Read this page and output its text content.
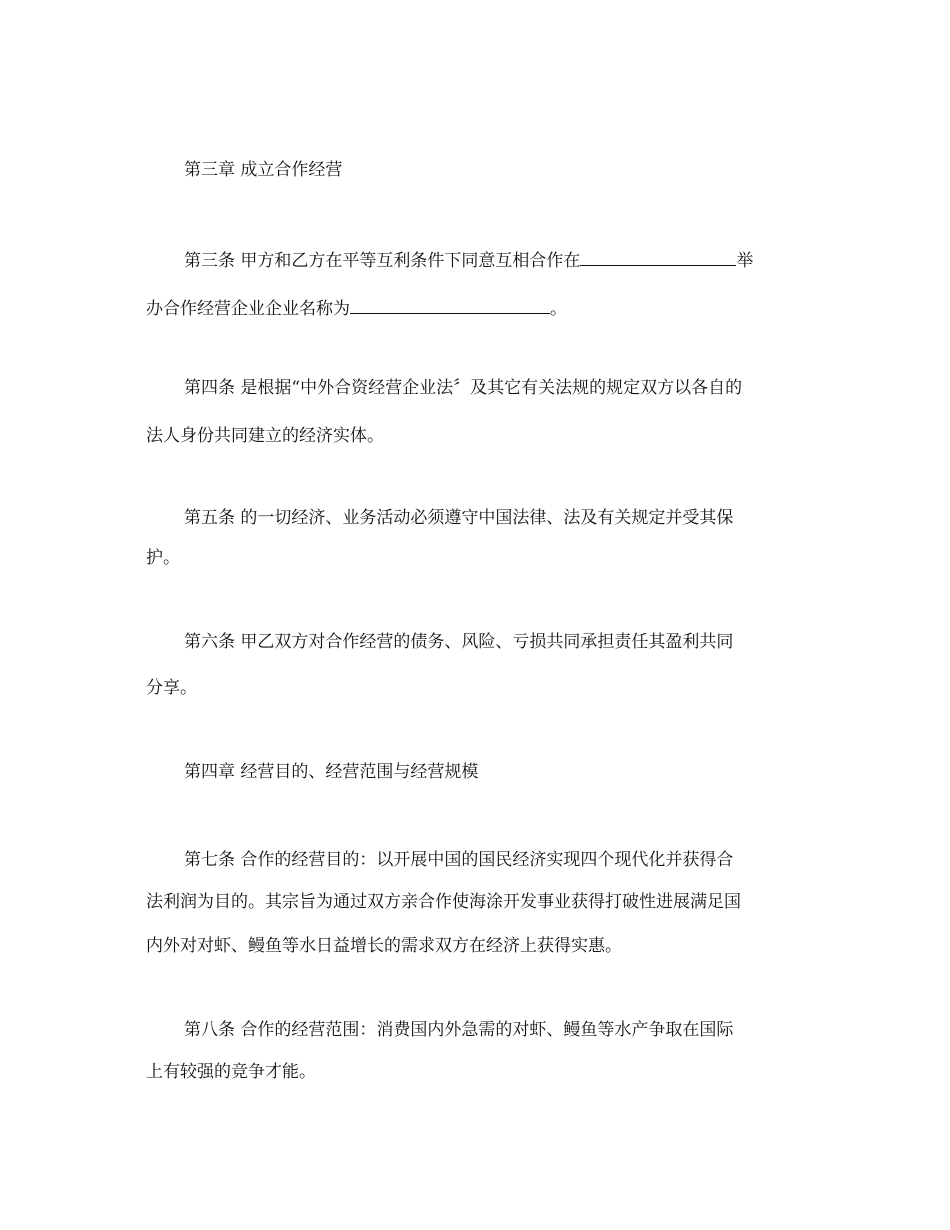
第三章 成立合作经营
第三条 甲方和乙方在平等互利条件下同意互相合作在	举
办合作经营企业企业名称为	。
第四条 是根据“中外合资经营企业法〞及其它有关法规的规定双方以各自的
法人身份共同建立的经济实体。
第五条 的一切经济、业务活动必须遵守中国法律、法及有关规定并受其保
护。
第六条 甲乙双方对合作经营的债务、风险、亏损共同承担责任其盈利共同
分享。
第四章 经营目的、经营范围与经营规模
第七条 合作的经营目的：以开展中国的国民经济实现四个现代化并获得合
法利润为目的。其宗旨为通过双方亲合作使海涂开发事业获得打破性进展满足国
内外对对虾、鳗鱼等水日益增长的需求双方在经济上获得实惠。
第八条 合作的经营范围：消费国内外急需的对虾、鳗鱼等水产争取在国际
上有较强的竞争才能。
